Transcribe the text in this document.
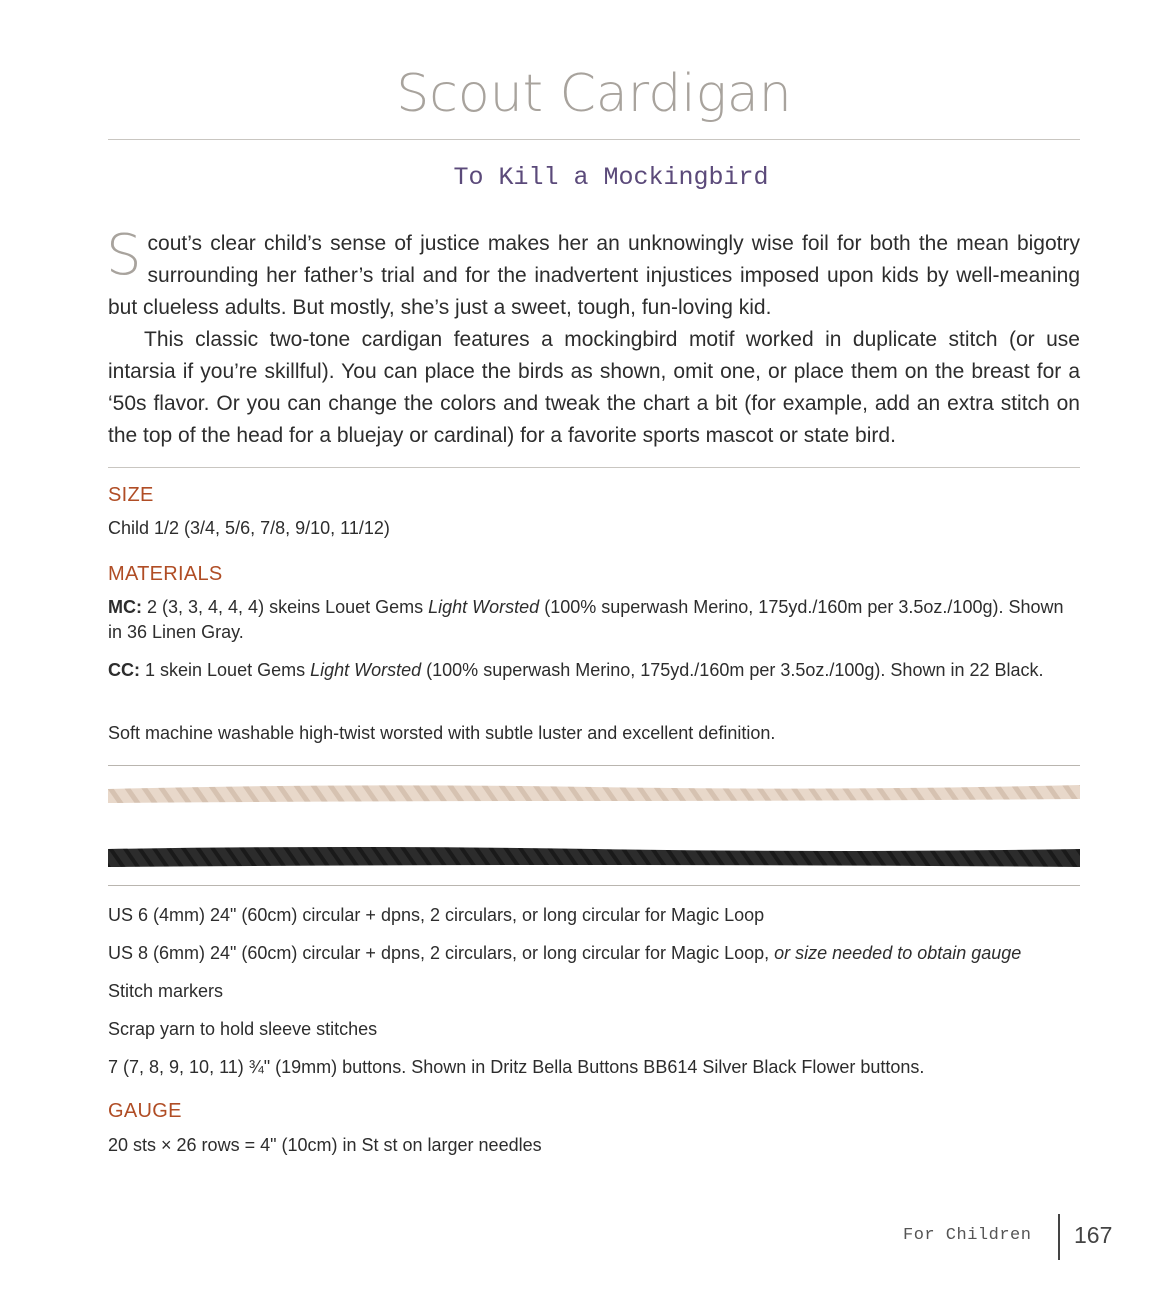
Scout Cardigan
To Kill a Mockingbird

Scout’s clear child’s sense of justice makes her an unknowingly wise foil for both the mean bigotry surrounding her father’s trial and for the inadvertent injustices imposed upon kids by well-meaning but clueless adults. But mostly, she’s just a sweet, tough, fun-loving kid.

This classic two-tone cardigan features a mockingbird motif worked in duplicate stitch (or use intarsia if you’re skillful). You can place the birds as shown, omit one, or place them on the breast for a ‘50s flavor. Or you can change the colors and tweak the chart a bit (for example, add an extra stitch on the top of the head for a bluejay or cardinal) for a favorite sports mascot or state bird.

SIZE
Child 1/2 (3/4, 5/6, 7/8, 9/10, 11/12)
MATERIALS
MC: 2 (3, 3, 4, 4, 4) skeins Louet Gems Light Worsted (100% superwash Merino, 175yd./160m per 3.5oz./100g). Shown in 36 Linen Gray.
CC: 1 skein Louet Gems Light Worsted (100% superwash Merino, 175yd./160m per 3.5oz./100g). Shown in 22 Black.
Soft machine washable high-twist worsted with subtle luster and excellent definition.
US 6 (4mm) 24" (60cm) circular + dpns, 2 circulars, or long circular for Magic Loop
US 8 (6mm) 24" (60cm) circular + dpns, 2 circulars, or long circular for Magic Loop, or size needed to obtain gauge
Stitch markers
Scrap yarn to hold sleeve stitches
7 (7, 8, 9, 10, 11) ¾" (19mm) buttons. Shown in Dritz Bella Buttons BB614 Silver Black Flower buttons.
GAUGE
20 sts × 26 rows = 4" (10cm) in St st on larger needles
For Children 167
